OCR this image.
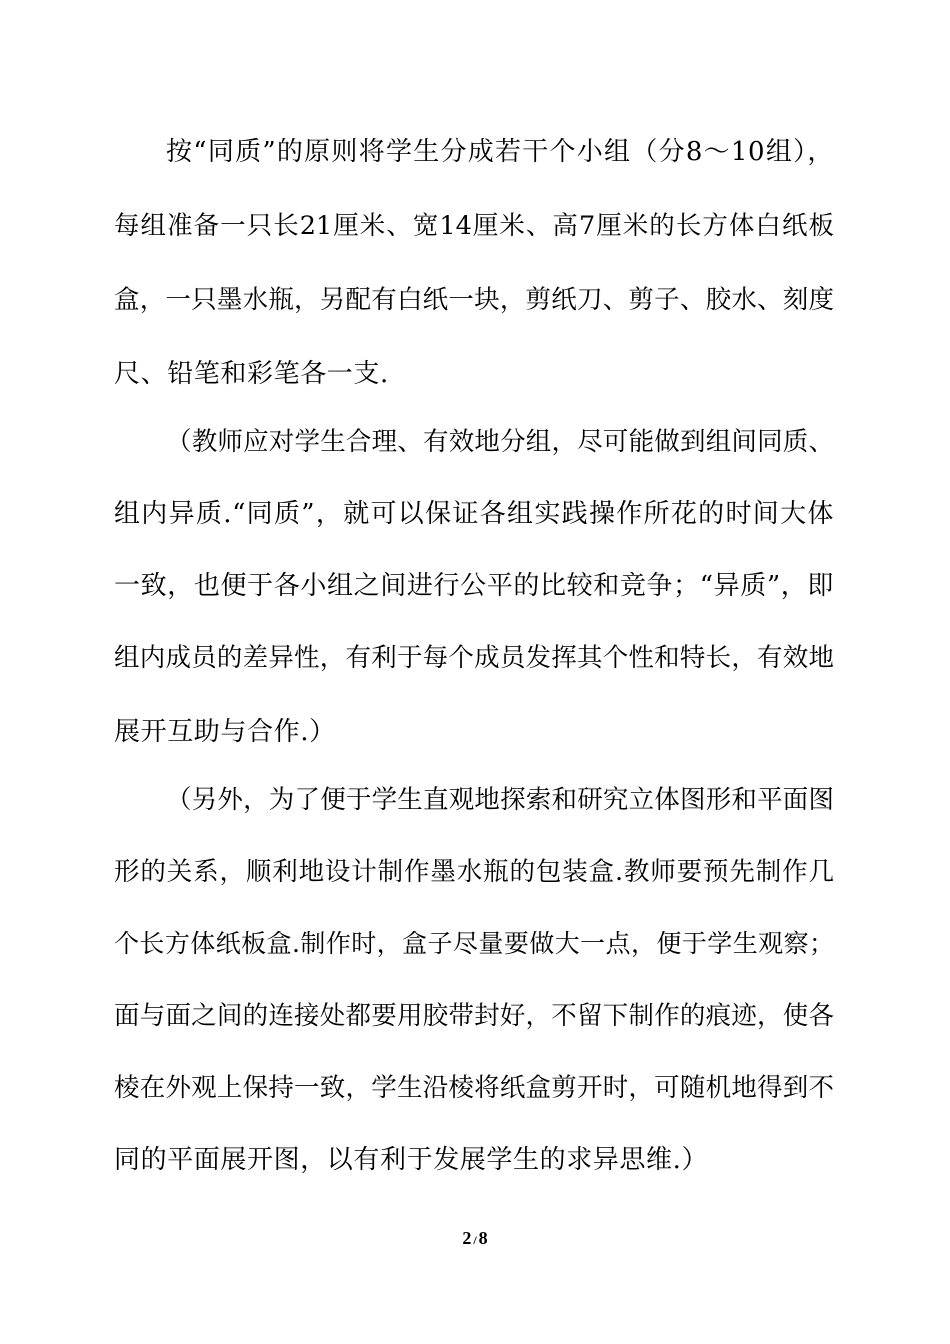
按“同质”的原则将学生分成若干个小组（分8～10组），
每组准备一只长21厘米、宽14厘米、高7厘米的长方体白纸板
盒，一只墨水瓶，另配有白纸一块，剪纸刀、剪子、胶水、刻度
尺、铅笔和彩笔各一支.
（教师应对学生合理、有效地分组，尽可能做到组间同质、
组内异质.“同质”，就可以保证各组实践操作所花的时间大体
一致，也便于各小组之间进行公平的比较和竞争；“异质”，即
组内成员的差异性，有利于每个成员发挥其个性和特长，有效地
展开互助与合作.）
（另外，为了便于学生直观地探索和研究立体图形和平面图
形的关系，顺利地设计制作墨水瓶的包装盒.教师要预先制作几
个长方体纸板盒.制作时，盒子尽量要做大一点，便于学生观察；
面与面之间的连接处都要用胶带封好，不留下制作的痕迹，使各
棱在外观上保持一致，学生沿棱将纸盒剪开时，可随机地得到不
同的平面展开图，以有利于发展学生的求异思维.）
2 / 8
